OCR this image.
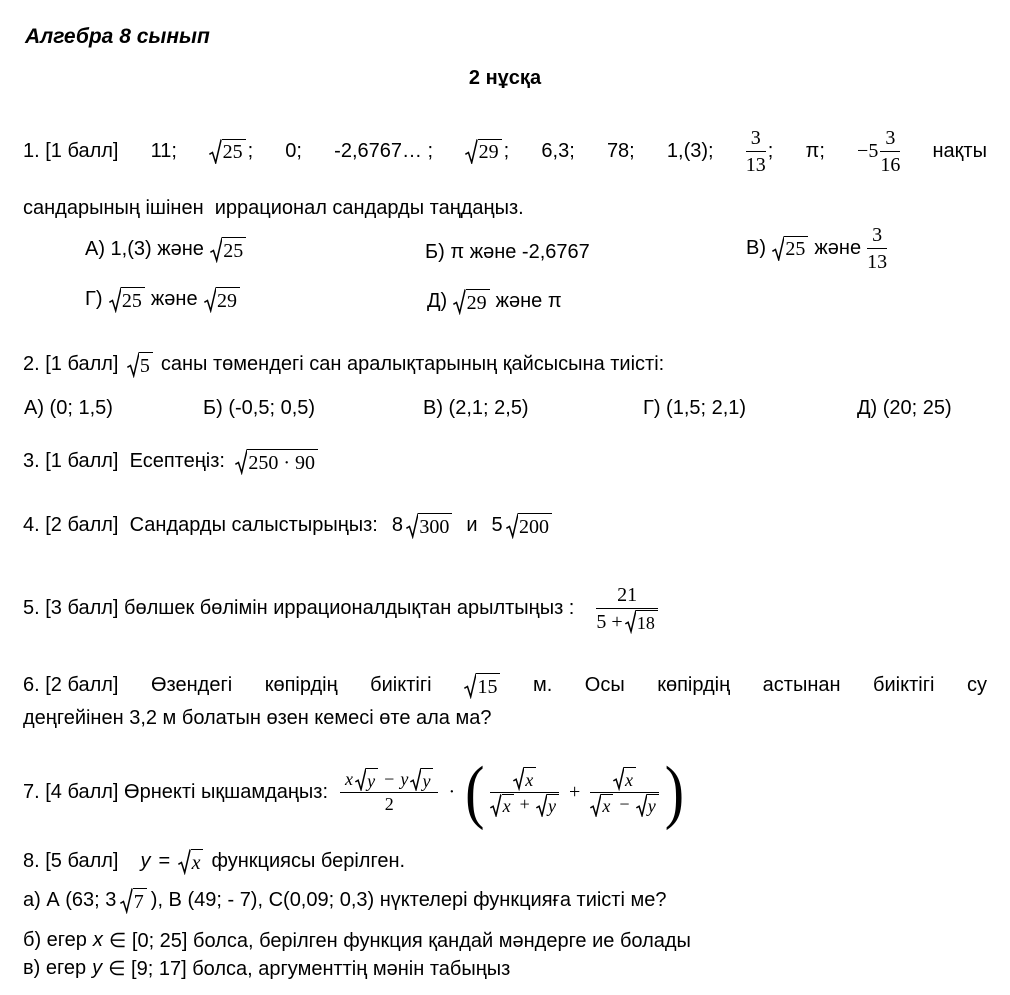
Алгебра 8 сынып
2 нұсқа
1. [1 балл] 11;	25 ; 0; -2,6767… ;	29 ; 6,3; 78; 1,(3); $\frac{3}{13}$ ; π; $-5 \frac{3}{16}$ нақты
сандарының ішінен  иррационал сандарды таңдаңыз.
А) 1,(3) және 25	Б) π және -2,6767	В) 25 және $\frac{3}{13}$
Г) 25 және 29	Д) 29 және π
2. [1 балл]	5 саны төмендегі сан аралықтарының қайсысына тиісті:
А) (0; 1,5)	Б) (-0,5; 0,5)	В) (2,1; 2,5)	Г) (1,5; 2,1)	Д) (20; 25)
3. [1 балл]  Есептеңіз:	250 · 90
4. [2 балл]  Сандарды салыстырыңыз: 8 300 и 5 200
5. [3 балл] бөлшек бөлімін иррационалдықтан арылтыңыз : $\frac{21}{5 + 18}$
6. [2 балл] Өзендегі көпірдің биіктігі	15 м. Осы көпірдің астынан биіктігі су
деңгейінен 3,2 м болатын өзен кемесі өте ала ма?
7. [4 балл] Өрнекті ықшамдаңыз: $\frac{\text{x y − y y}}{2}$ · ( x
x +	y + x
x −	y )
8. [5 балл] y =	x функциясы берілген.
а) А (63; 3 7 ), В (49; - 7), С(0,09; 0,3) нүктелері функцияға тиісті ме?
б) егер x ∈ [0; 25] болса, берілген функция қандай мәндерге ие болады
в) егер y ∈ [9; 17] болса, аргументтің мәнін табыңыз
